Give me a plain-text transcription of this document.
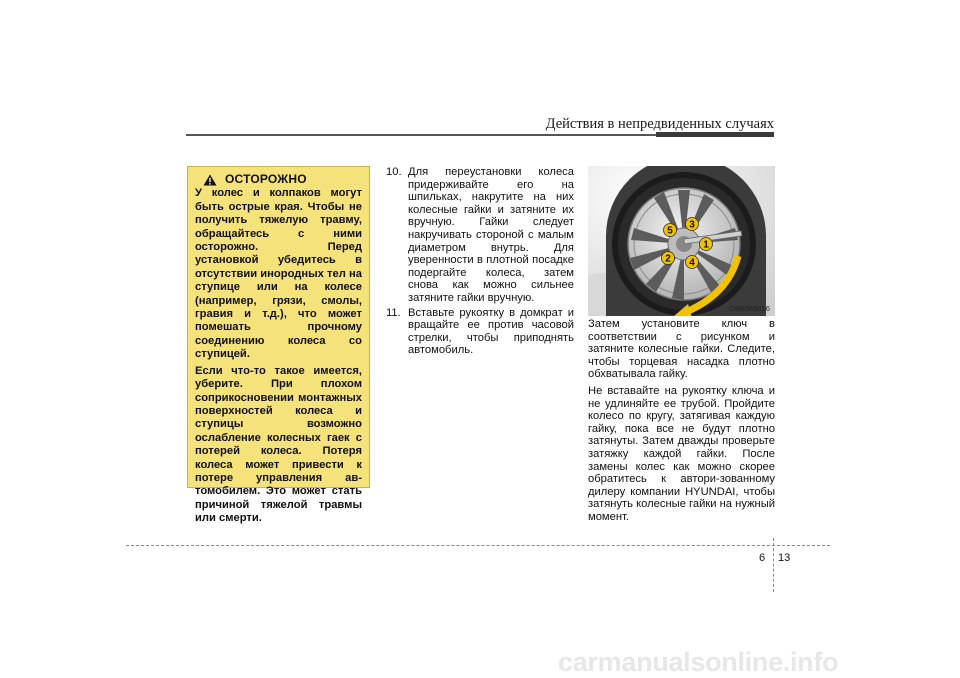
Действия в непредвиденных случаях
ОСТОРОЖНО

У колес и колпаков могут быть острые края. Чтобы не получить тяжелую травму, обращайтесь с ними осторожно. Перед установкой убедитесь в отсутствии инородных тел на ступице или на колесе (например, грязи, смолы, гравия и т.д.), что может помешать прочному соединению колеса со ступицей.

Если что-то такое имеется, уберите. При плохом соприкосновении монтажных поверхностей колеса и ступицы возможно ослабление колесных гаек с потерей колеса. Потеря колеса может привести к потере управления ав-томобилем. Это может стать причиной тяжелой травмы или смерти.

10. Для переустановки колеса придерживайте его на шпильках, накрутите на них колесные гайки и затяните их вручную. Гайки следует накручивать стороной с малым диаметром внутрь. Для уверенности в плотной посадке подергайте колеса, затем снова как можно сильнее затяните гайки вручную.
11. Вставьте рукоятку в домкрат и вращайте ее против часовой стрелки, чтобы приподнять автомобиль.
1
2
3
4
5
OBK069016

Затем установите ключ в соответствии с рисунком и затяните колесные гайки. Следите, чтобы торцевая насадка плотно обхватывала гайку.

Не вставайте на рукоятку ключа и не удлиняйте ее трубой. Пройдите колесо по кругу, затягивая каждую гайку, пока все не будут плотно затянуты. Затем дважды проверьте затяжку каждой гайки. После замены колес как можно скорее обратитесь к автори-зованному дилеру компании HYUNDAI, чтобы затянуть колесные гайки на нужный момент.

6 13
carmanualsonline.info
